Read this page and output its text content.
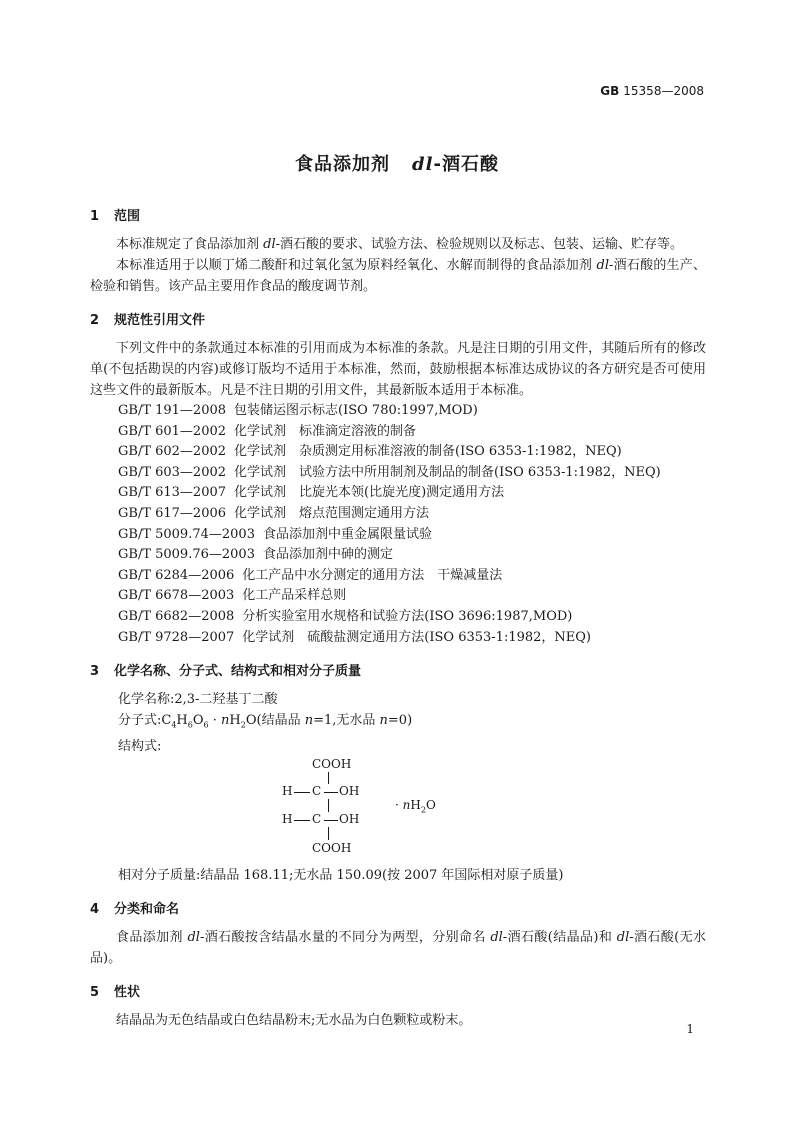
GB 15358—2008
食品添加剂 dl-酒石酸
1 范围

本标准规定了食品添加剂 dl-酒石酸的要求、试验方法、检验规则以及标志、包装、运输、贮存等。

本标准适用于以顺丁烯二酸酐和过氧化氢为原料经氧化、水解而制得的食品添加剂 dl-酒石酸的生产、检验和销售。该产品主要用作食品的酸度调节剂。

2 规范性引用文件

下列文件中的条款通过本标准的引用而成为本标准的条款。凡是注日期的引用文件，其随后所有的修改单(不包括勘误的内容)或修订版均不适用于本标准，然而，鼓励根据本标准达成协议的各方研究是否可使用这些文件的最新版本。凡是不注日期的引用文件，其最新版本适用于本标准。

GB/T 191—2008 包装储运图示标志(ISO 780:1997,MOD)
GB/T 601—2002 化学试剂　标准滴定溶液的制备
GB/T 602—2002 化学试剂　杂质测定用标准溶液的制备(ISO 6353-1:1982，NEQ)
GB/T 603—2002 化学试剂　试验方法中所用制剂及制品的制备(ISO 6353-1:1982，NEQ)
GB/T 613—2007 化学试剂　比旋光本领(比旋光度)测定通用方法
GB/T 617—2006 化学试剂　熔点范围测定通用方法
GB/T 5009.74—2003 食品添加剂中重金属限量试验
GB/T 5009.76—2003 食品添加剂中砷的测定
GB/T 6284—2006 化工产品中水分测定的通用方法　干燥减量法
GB/T 6678—2003 化工产品采样总则
GB/T 6682—2008 分析实验室用水规格和试验方法(ISO 3696:1987,MOD)
GB/T 9728—2007 化学试剂　硫酸盐测定通用方法(ISO 6353-1:1982，NEQ)
3 化学名称、分子式、结构式和相对分子质量
化学名称:2,3-二羟基丁二酸
分子式$:C_4H_6O_6 \cdot nH_2O$(结晶品 n=1,无水品 n=0)
结构式:
COOH
H C OH
H C OH
COOH
· $nH_2O$
相对分子质量:结晶品 168.11;无水品 150.09(按 2007 年国际相对原子质量)
4 分类和命名

食品添加剂 dl-酒石酸按含结晶水量的不同分为两型，分别命名 dl-酒石酸(结晶品)和 dl-酒石酸(无水品)。

5 性状

结晶品为无色结晶或白色结晶粉末;无水品为白色颗粒或粉末。

1
